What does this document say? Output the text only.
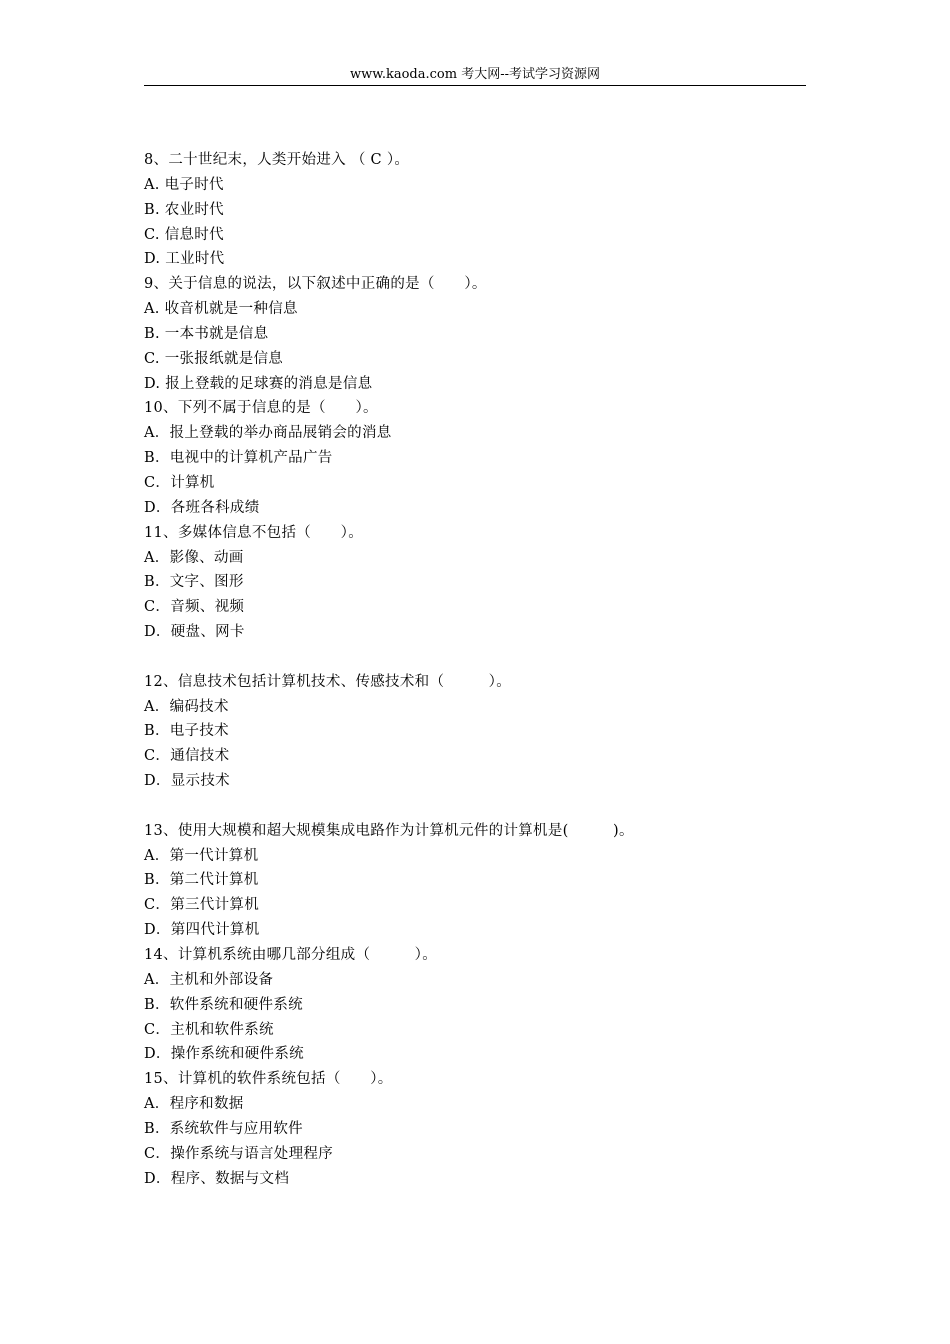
www.kaoda.com 考大网--考试学习资源网
8、二十世纪末，人类开始进入 （ C ）。
A. 电子时代
B. 农业时代
C. 信息时代
D. 工业时代
9、关于信息的说法，以下叙述中正确的是（　　）。
A. 收音机就是一种信息
B. 一本书就是信息
C. 一张报纸就是信息
D. 报上登载的足球赛的消息是信息
10、下列不属于信息的是（　　）。
A．报上登载的举办商品展销会的消息
B．电视中的计算机产品广告
C．计算机
D．各班各科成绩
11、多媒体信息不包括（　　）。
A．影像、动画
B．文字、图形
C．音频、视频
D．硬盘、网卡
12、信息技术包括计算机技术、传感技术和（　　　）。
A．编码技术
B．电子技术
C．通信技术
D．显示技术
13、使用大规模和超大规模集成电路作为计算机元件的计算机是(　　　)。
A．第一代计算机
B．第二代计算机
C．第三代计算机
D．第四代计算机
14、计算机系统由哪几部分组成（　　　）。
A．主机和外部设备
B．软件系统和硬件系统
C．主机和软件系统
D．操作系统和硬件系统
15、计算机的软件系统包括（　　）。
A．程序和数据
B．系统软件与应用软件
C．操作系统与语言处理程序
D．程序、数据与文档
